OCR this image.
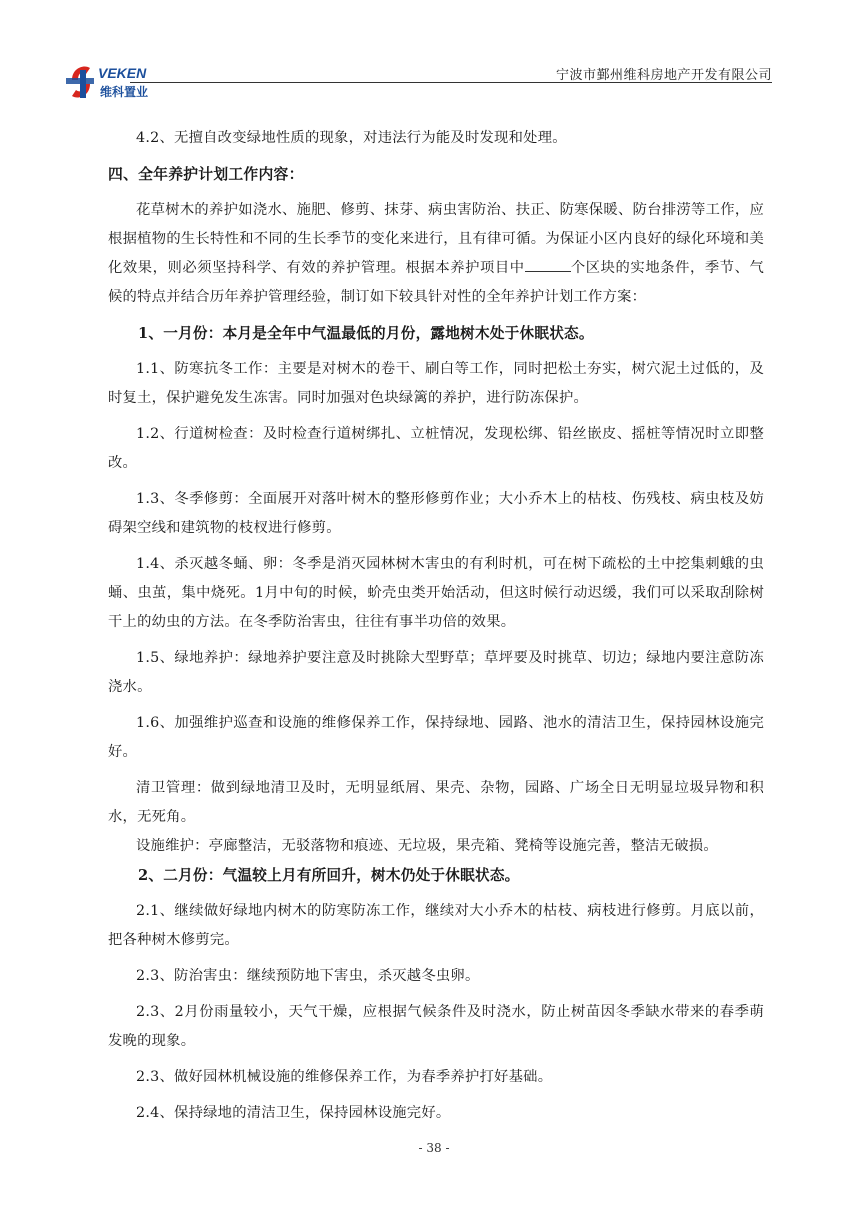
VEKEN
维科置业
宁波市鄞州维科房地产开发有限公司

4.2、无擅自改变绿地性质的现象，对违法行为能及时发现和处理。

四、全年养护计划工作内容：

花草树木的养护如浇水、施肥、修剪、抹芽、病虫害防治、扶正、防寒保暖、防台排涝等工作，应根据植物的生长特性和不同的生长季节的变化来进行，且有律可循。为保证小区内良好的绿化环境和美化效果，则必须坚持科学、有效的养护管理。根据本养护项目中	个区块的实地条件，季节、气候的特点并结合历年养护管理经验，制订如下较具针对性的全年养护计划工作方案：

1、一月份：本月是全年中气温最低的月份，露地树木处于休眠状态。

1.1、防寒抗冬工作：主要是对树木的卷干、刷白等工作，同时把松土夯实，树穴泥土过低的，及时复土，保护避免发生冻害。同时加强对色块绿篱的养护，进行防冻保护。

1.2、行道树检查：及时检查行道树绑扎、立桩情况，发现松绑、铅丝嵌皮、摇桩等情况时立即整改。

1.3、冬季修剪：全面展开对落叶树木的整形修剪作业；大小乔木上的枯枝、伤残枝、病虫枝及妨碍架空线和建筑物的枝杈进行修剪。

1.4、杀灭越冬蛹、卵：冬季是消灭园林树木害虫的有利时机，可在树下疏松的土中挖集刺蛾的虫蛹、虫茧，集中烧死。1月中旬的时候，蚧壳虫类开始活动，但这时候行动迟缓，我们可以采取刮除树干上的幼虫的方法。在冬季防治害虫，往往有事半功倍的效果。

1.5、绿地养护：绿地养护要注意及时挑除大型野草；草坪要及时挑草、切边；绿地内要注意防冻浇水。

1.6、加强维护巡查和设施的维修保养工作，保持绿地、园路、池水的清洁卫生，保持园林设施完好。

清卫管理：做到绿地清卫及时，无明显纸屑、果壳、杂物，园路、广场全日无明显垃圾异物和积水，无死角。

设施维护：亭廊整洁，无驳落物和痕迹、无垃圾，果壳箱、凳椅等设施完善，整洁无破损。

2、二月份：气温较上月有所回升，树木仍处于休眠状态。

2.1、继续做好绿地内树木的防寒防冻工作，继续对大小乔木的枯枝、病枝进行修剪。月底以前，把各种树木修剪完。

2.3、防治害虫：继续预防地下害虫，杀灭越冬虫卵。

2.3、2月份雨量较小，天气干燥，应根据气候条件及时浇水，防止树苗因冬季缺水带来的春季萌发晚的现象。

2.3、做好园林机械设施的维修保养工作，为春季养护打好基础。

2.4、保持绿地的清洁卫生，保持园林设施完好。

- 38 -
